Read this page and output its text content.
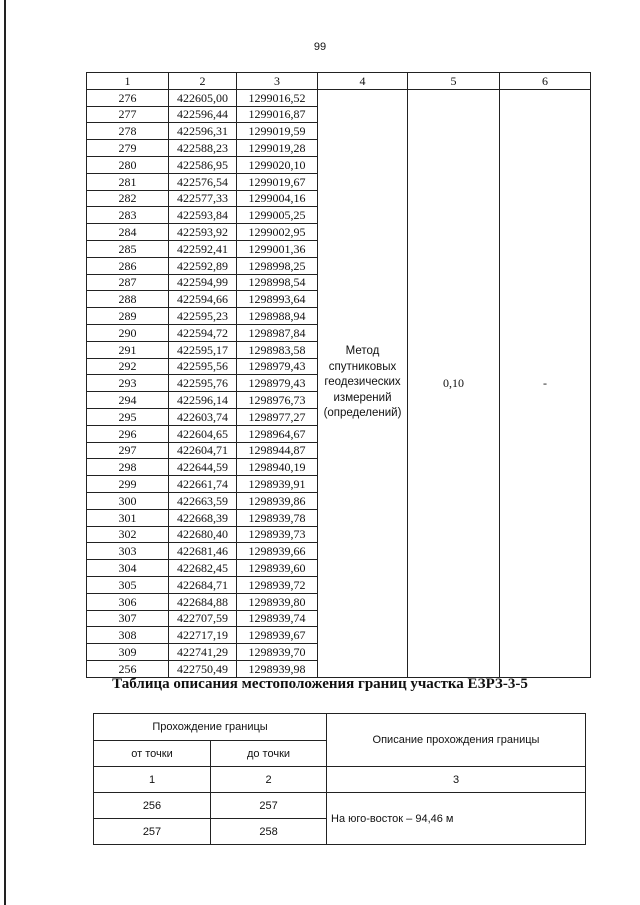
99
1	2	3	4	5	6
276	422605,00	1299016,52	Метод спутниковых геодезических измерений (определений)	0,10	-
277	422596,44	1299016,87			
278	422596,31	1299019,59			
279	422588,23	1299019,28			
280	422586,95	1299020,10			
281	422576,54	1299019,67			
282	422577,33	1299004,16			
283	422593,84	1299005,25			
284	422593,92	1299002,95			
285	422592,41	1299001,36			
286	422592,89	1298998,25			
287	422594,99	1298998,54			
288	422594,66	1298993,64			
289	422595,23	1298988,94			
290	422594,72	1298987,84			
291	422595,17	1298983,58			
292	422595,56	1298979,43			
293	422595,76	1298979,43			
294	422596,14	1298976,73			
295	422603,74	1298977,27			
296	422604,65	1298964,67			
297	422604,71	1298944,87			
298	422644,59	1298940,19			
299	422661,74	1298939,91			
300	422663,59	1298939,86			
301	422668,39	1298939,78			
302	422680,40	1298939,73			
303	422681,46	1298939,66			
304	422682,45	1298939,60			
305	422684,71	1298939,72			
306	422684,88	1298939,80			
307	422707,59	1298939,74			
308	422717,19	1298939,67			
309	422741,29	1298939,70			
256	422750,49	1298939,98			
Таблица описания местоположения границ участка ЕЗРЗ-3-5
Прохождение границы		Описание прохождения границы
от точки	до точки	
1	2	3
256	257	На юго-восток – 94,46 м
257	258	
